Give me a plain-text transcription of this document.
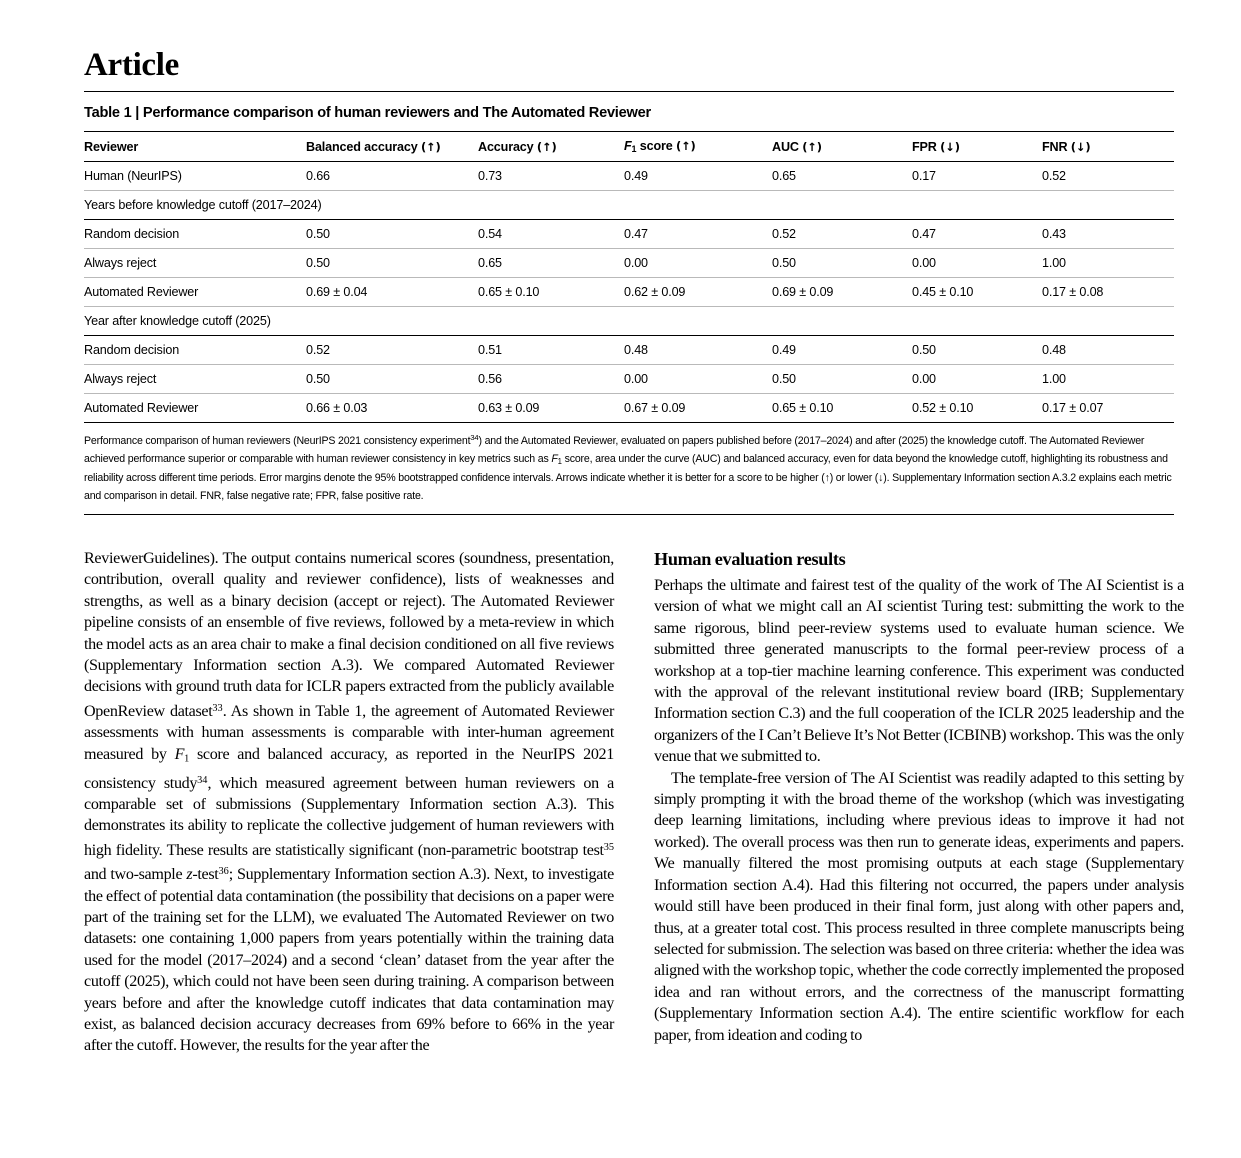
Article
Table 1 | Performance comparison of human reviewers and The Automated Reviewer
Reviewer	Balanced accuracy (↑)	Accuracy (↑)	$F_1$ score (↑)	AUC (↑)	FPR (↓)	FNR (↓)
Human (NeurIPS)	0.66	0.73	0.49	0.65	0.17	0.52
Years before knowledge cutoff (2017–2024)						
Random decision	0.50	0.54	0.47	0.52	0.47	0.43
Always reject	0.50	0.65	0.00	0.50	0.00	1.00
Automated Reviewer	0.69 ± 0.04	0.65 ± 0.10	0.62 ± 0.09	0.69 ± 0.09	0.45 ± 0.10	0.17 ± 0.08
Year after knowledge cutoff (2025)						
Random decision	0.52	0.51	0.48	0.49	0.50	0.48
Always reject	0.50	0.56	0.00	0.50	0.00	1.00
Automated Reviewer	0.66 ± 0.03	0.63 ± 0.09	0.67 ± 0.09	0.65 ± 0.10	0.52 ± 0.10	0.17 ± 0.07
Performance comparison of human reviewers (NeurIPS 2021 consistency experiment$^{34}$) and the Automated Reviewer, evaluated on papers published before (2017–2024) and after (2025) the knowledge cutoff. The Automated Reviewer achieved performance superior or comparable with human reviewer consistency in key metrics such as $F_1$ score, area under the curve (AUC) and balanced accuracy, even for data beyond the knowledge cutoff, highlighting its robustness and reliability across different time periods. Error margins denote the 95% bootstrapped confidence intervals. Arrows indicate whether it is better for a score to be higher (↑) or lower (↓). Supplementary Information section A.3.2 explains each metric and comparison in detail. FNR, false negative rate; FPR, false positive rate.

ReviewerGuidelines). The output contains numerical scores (soundness, presentation, contribution, overall quality and reviewer confidence), lists of weaknesses and strengths, as well as a binary decision (accept or reject). The Automated Reviewer pipeline consists of an ensemble of five reviews, followed by a meta-review in which the model acts as an area chair to make a final decision conditioned on all five reviews (Supplementary Information section A.3). We compared Automated Reviewer decisions with ground truth data for ICLR papers extracted from the publicly available OpenReview dataset$^{33}$. As shown in Table 1, the agreement of Automated Reviewer assessments with human assessments is comparable with inter-human agreement measured by $F_1$ score and balanced accuracy, as reported in the NeurIPS 2021 consistency study$^{34}$, which measured agreement between human reviewers on a comparable set of submissions (Supplementary Information section A.3). This demonstrates its ability to replicate the collective judgement of human reviewers with high fidelity. These results are statistically significant (non-parametric bootstrap test$^{35}$ and two-sample z-test$^{36}$; Supplementary Information section A.3). Next, to investigate the effect of potential data contamination (the possibility that decisions on a paper were part of the training set for the LLM), we evaluated The Automated Reviewer on two datasets: one containing 1,000 papers from years potentially within the training data used for the model (2017–2024) and a second ‘clean’ dataset from the year after the cutoff (2025), which could not have been seen during training. A comparison between years before and after the knowledge cutoff indicates that data contamination may exist, as balanced decision accuracy decreases from 69% before to 66% in the year after the cutoff. However, the results for the year after the

Human evaluation results

Perhaps the ultimate and fairest test of the quality of the work of The AI Scientist is a version of what we might call an AI scientist Turing test: submitting the work to the same rigorous, blind peer-review systems used to evaluate human science. We submitted three generated manuscripts to the formal peer-review process of a workshop at a top-tier machine learning conference. This experiment was conducted with the approval of the relevant institutional review board (IRB; Supplementary Information section C.3) and the full cooperation of the ICLR 2025 leadership and the organizers of the I Can’t Believe It’s Not Better (ICBINB) workshop. This was the only venue that we submitted to.

The template-free version of The AI Scientist was readily adapted to this setting by simply prompting it with the broad theme of the workshop (which was investigating deep learning limitations, including where previous ideas to improve it had not worked). The overall process was then run to generate ideas, experiments and papers. We manually filtered the most promising outputs at each stage (Supplementary Information section A.4). Had this filtering not occurred, the papers under analysis would still have been produced in their final form, just along with other papers and, thus, at a greater total cost. This process resulted in three complete manuscripts being selected for submission. The selection was based on three criteria: whether the idea was aligned with the workshop topic, whether the code correctly implemented the proposed idea and ran without errors, and the correctness of the manuscript formatting (Supplementary Information section A.4). The entire scientific workflow for each paper, from ideation and coding to
